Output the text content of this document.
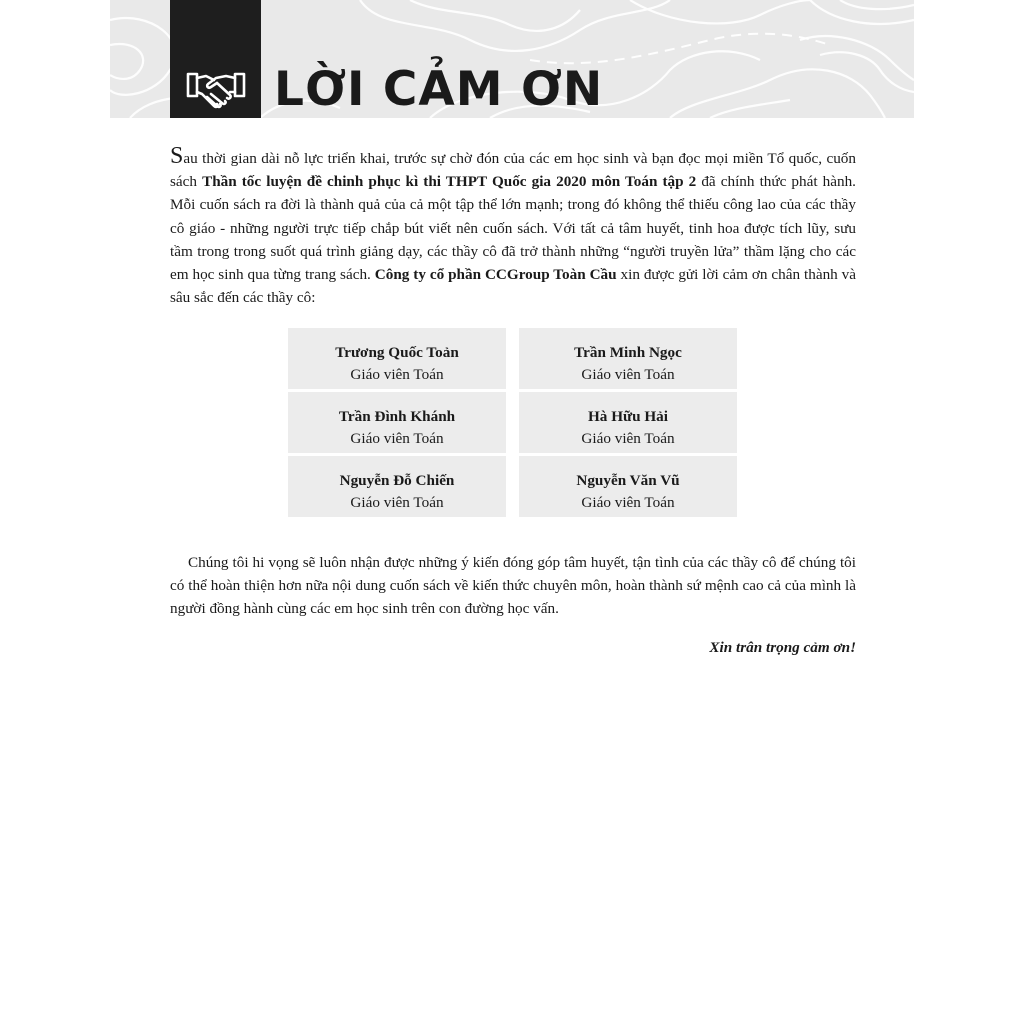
LỜI CẢM ƠN

Sau thời gian dài nỗ lực triển khai, trước sự chờ đón của các em học sinh và bạn đọc mọi miền Tổ quốc, cuốn sách Thần tốc luyện đề chinh phục kì thi THPT Quốc gia 2020 môn Toán tập 2 đã chính thức phát hành. Mỗi cuốn sách ra đời là thành quả của cả một tập thể lớn mạnh; trong đó không thể thiếu công lao của các thầy cô giáo - những người trực tiếp chắp bút viết nên cuốn sách. Với tất cả tâm huyết, tinh hoa được tích lũy, sưu tầm trong trong suốt quá trình giảng dạy, các thầy cô đã trở thành những “người truyền lửa” thầm lặng cho các em học sinh qua từng trang sách. Công ty cổ phần CCGroup Toàn Cầu xin được gửi lời cảm ơn chân thành và sâu sắc đến các thầy cô:

Trương Quốc Toản
Giáo viên Toán
Trần Minh Ngọc
Giáo viên Toán
Trần Đình Khánh
Giáo viên Toán
Hà Hữu Hải
Giáo viên Toán
Nguyễn Đỗ Chiến
Giáo viên Toán
Nguyễn Văn Vũ
Giáo viên Toán

Chúng tôi hi vọng sẽ luôn nhận được những ý kiến đóng góp tâm huyết, tận tình của các thầy cô để chúng tôi có thể hoàn thiện hơn nữa nội dung cuốn sách về kiến thức chuyên môn, hoàn thành sứ mệnh cao cả của mình là người đồng hành cùng các em học sinh trên con đường học vấn.

Xin trân trọng cảm ơn!
